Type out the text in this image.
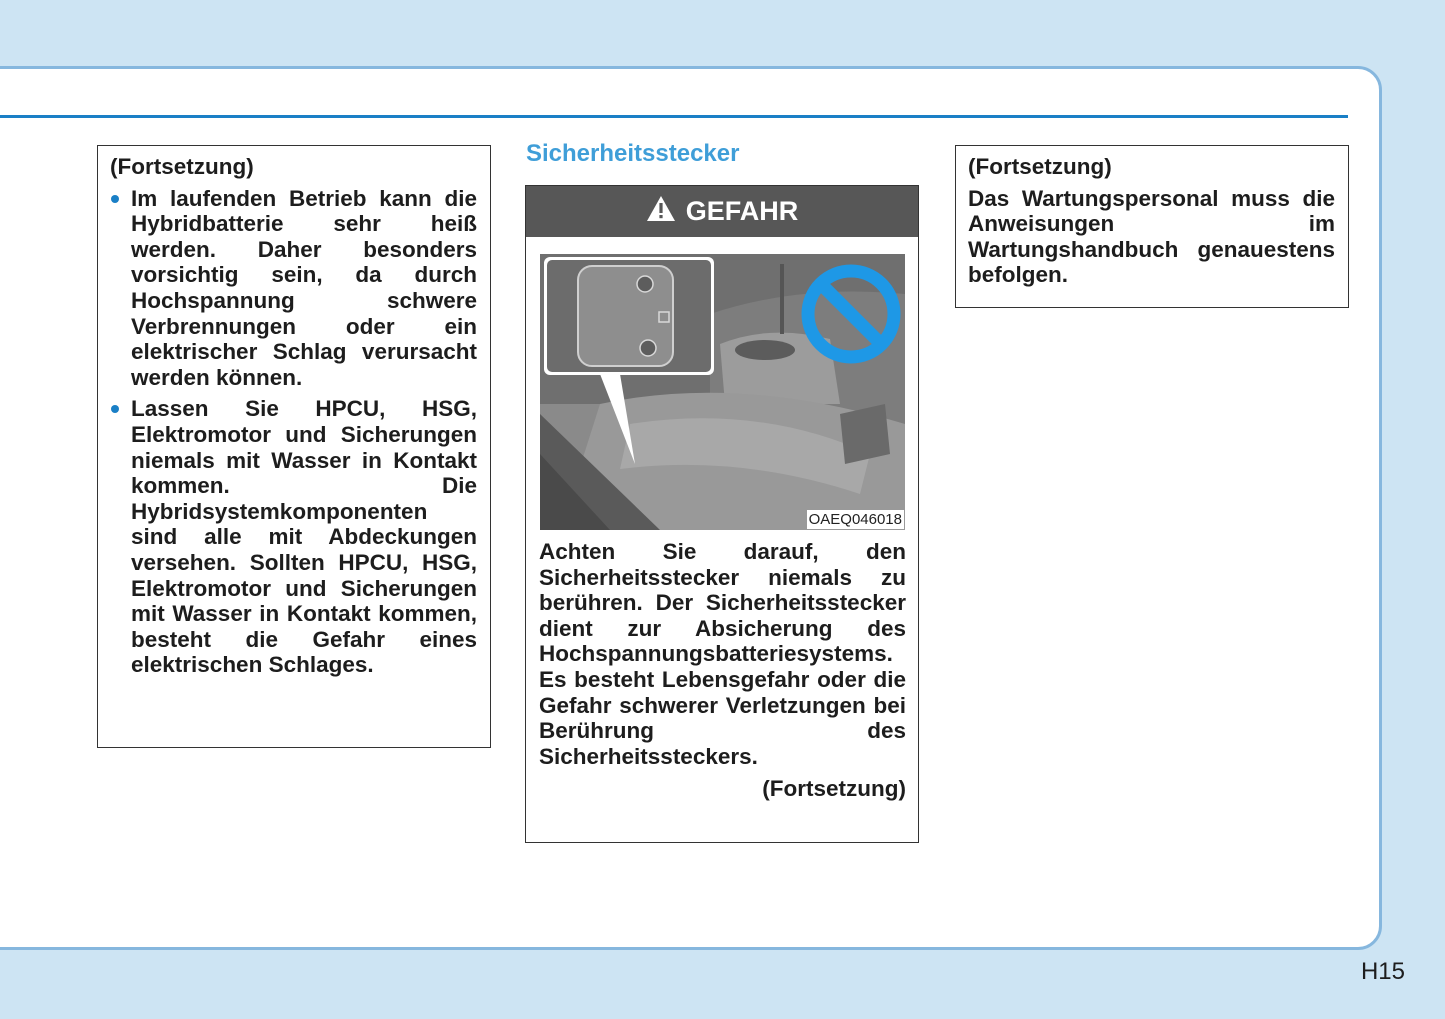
(Fortsetzung)

Im laufenden Betrieb kann die Hybridbatterie sehr heiß werden. Daher besonders vorsichtig sein, da durch Hochspannung schwere Verbrennungen oder ein elektrischer Schlag verursacht werden können.
Lassen Sie HPCU, HSG, Elektromotor und Sicherungen niemals mit Wasser in Kontakt kommen. Die Hybridsystemkomponenten sind alle mit Abdeckungen versehen. Sollten HPCU, HSG, Elektromotor und Sicherungen mit Wasser in Kontakt kommen, besteht die Gefahr eines elektrischen Schlages.
Sicherheitsstecker
GEFAHR
OAEQ046018

Achten Sie darauf, den Sicherheitsstecker niemals zu berühren. Der Sicherheitsstecker dient zur Absicherung des Hochspannungsbatteriesystems. Es besteht Lebensgefahr oder die Gefahr schwerer Verletzungen bei Berührung des Sicherheitssteckers.

(Fortsetzung)

(Fortsetzung)

Das Wartungspersonal muss die Anweisungen im Wartungshandbuch genauestens befolgen.

H15
